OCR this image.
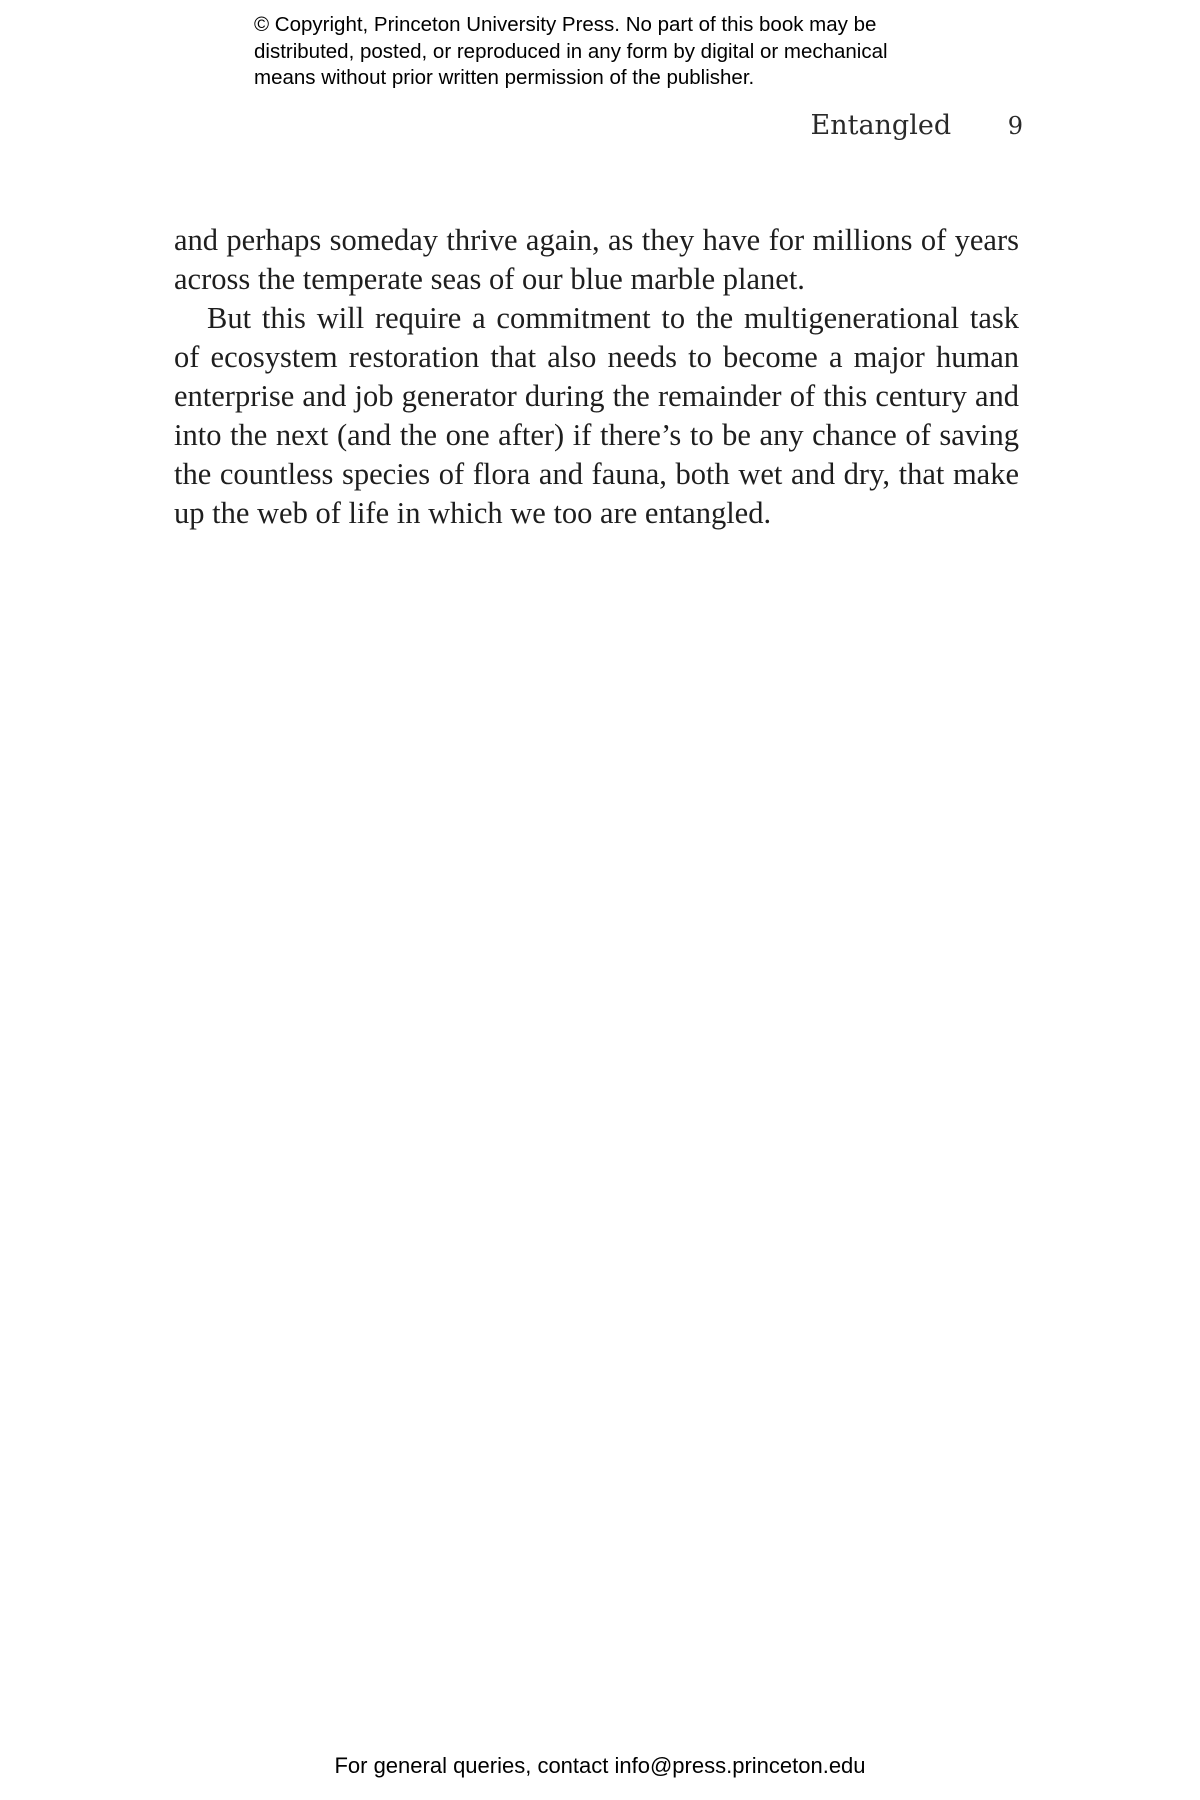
© Copyright, Princeton University Press. No part of this book may be
distributed, posted, or reproduced in any form by digital or mechanical
means without prior written permission of the publisher.
Entangled 9

and perhaps someday thrive again, as they have for millions of years
across the temperate seas of our blue marble planet.

But this will require a commitment to the multigenerational task
of ecosystem restoration that also needs to become a major human
enterprise and job generator during the remainder of this century and
into the next (and the one after) if there’s to be any chance of saving
the countless species of flora and fauna, both wet and dry, that make
up the web of life in which we too are entangled.

For general queries, contact info@press.princeton.edu
